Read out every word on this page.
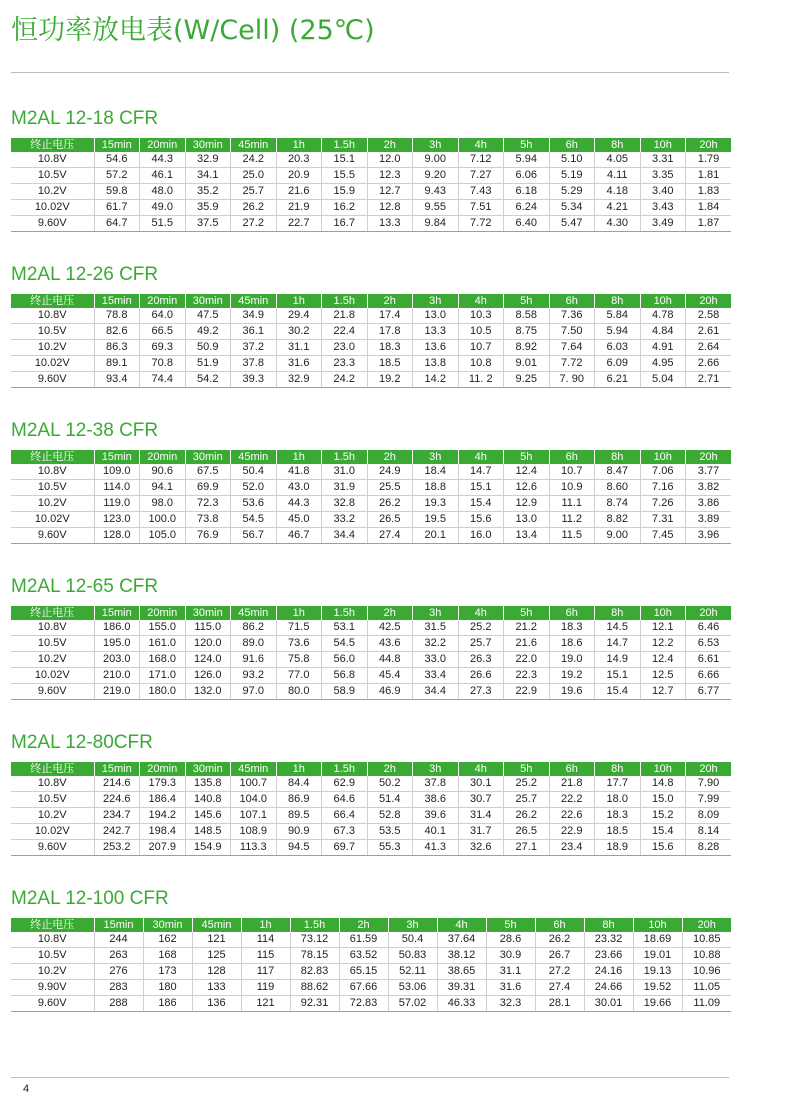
恒功率放电表(W/Cell) (25℃)
M2AL 12-18 CFR
终止电压	15min	20min	30min	45min	1h	1.5h	2h	3h	4h	5h	6h	8h	10h	20h
10.8V	54.6	44.3	32.9	24.2	20.3	15.1	12.0	9.00	7.12	5.94	5.10	4.05	3.31	1.79
10.5V	57.2	46.1	34.1	25.0	20.9	15.5	12.3	9.20	7.27	6.06	5.19	4.11	3.35	1.81
10.2V	59.8	48.0	35.2	25.7	21.6	15.9	12.7	9.43	7.43	6.18	5.29	4.18	3.40	1.83
10.02V	61.7	49.0	35.9	26.2	21.9	16.2	12.8	9.55	7.51	6.24	5.34	4.21	3.43	1.84
9.60V	64.7	51.5	37.5	27.2	22.7	16.7	13.3	9.84	7.72	6.40	5.47	4.30	3.49	1.87
M2AL 12-26 CFR
终止电压	15min	20min	30min	45min	1h	1.5h	2h	3h	4h	5h	6h	8h	10h	20h
10.8V	78.8	64.0	47.5	34.9	29.4	21.8	17.4	13.0	10.3	8.58	7.36	5.84	4.78	2.58
10.5V	82.6	66.5	49.2	36.1	30.2	22.4	17.8	13.3	10.5	8.75	7.50	5.94	4.84	2.61
10.2V	86.3	69.3	50.9	37.2	31.1	23.0	18.3	13.6	10.7	8.92	7.64	6.03	4.91	2.64
10.02V	89.1	70.8	51.9	37.8	31.6	23.3	18.5	13.8	10.8	9.01	7.72	6.09	4.95	2.66
9.60V	93.4	74.4	54.2	39.3	32.9	24.2	19.2	14.2	11. 2	9.25	7. 90	6.21	5.04	2.71
M2AL 12-38 CFR
终止电压	15min	20min	30min	45min	1h	1.5h	2h	3h	4h	5h	6h	8h	10h	20h
10.8V	109.0	90.6	67.5	50.4	41.8	31.0	24.9	18.4	14.7	12.4	10.7	8.47	7.06	3.77
10.5V	114.0	94.1	69.9	52.0	43.0	31.9	25.5	18.8	15.1	12.6	10.9	8.60	7.16	3.82
10.2V	119.0	98.0	72.3	53.6	44.3	32.8	26.2	19.3	15.4	12.9	11.1	8.74	7.26	3.86
10.02V	123.0	100.0	73.8	54.5	45.0	33.2	26.5	19.5	15.6	13.0	11.2	8.82	7.31	3.89
9.60V	128.0	105.0	76.9	56.7	46.7	34.4	27.4	20.1	16.0	13.4	11.5	9.00	7.45	3.96
M2AL 12-65 CFR
终止电压	15min	20min	30min	45min	1h	1.5h	2h	3h	4h	5h	6h	8h	10h	20h
10.8V	186.0	155.0	115.0	86.2	71.5	53.1	42.5	31.5	25.2	21.2	18.3	14.5	12.1	6.46
10.5V	195.0	161.0	120.0	89.0	73.6	54.5	43.6	32.2	25.7	21.6	18.6	14.7	12.2	6.53
10.2V	203.0	168.0	124.0	91.6	75.8	56.0	44.8	33.0	26.3	22.0	19.0	14.9	12.4	6.61
10.02V	210.0	171.0	126.0	93.2	77.0	56.8	45.4	33.4	26.6	22.3	19.2	15.1	12.5	6.66
9.60V	219.0	180.0	132.0	97.0	80.0	58.9	46.9	34.4	27.3	22.9	19.6	15.4	12.7	6.77
M2AL 12-80CFR
终止电压	15min	20min	30min	45min	1h	1.5h	2h	3h	4h	5h	6h	8h	10h	20h
10.8V	214.6	179.3	135.8	100.7	84.4	62.9	50.2	37.8	30.1	25.2	21.8	17.7	14.8	7.90
10.5V	224.6	186.4	140.8	104.0	86.9	64.6	51.4	38.6	30.7	25.7	22.2	18.0	15.0	7.99
10.2V	234.7	194.2	145.6	107.1	89.5	66.4	52.8	39.6	31.4	26.2	22.6	18.3	15.2	8.09
10.02V	242.7	198.4	148.5	108.9	90.9	67.3	53.5	40.1	31.7	26.5	22.9	18.5	15.4	8.14
9.60V	253.2	207.9	154.9	113.3	94.5	69.7	55.3	41.3	32.6	27.1	23.4	18.9	15.6	8.28
M2AL 12-100 CFR
终止电压	15min	30min	45min	1h	1.5h	2h	3h	4h	5h	6h	8h	10h	20h
10.8V	244	162	121	114	73.12	61.59	50.4	37.64	28.6	26.2	23.32	18.69	10.85
10.5V	263	168	125	115	78.15	63.52	50.83	38.12	30.9	26.7	23.66	19.01	10.88
10.2V	276	173	128	117	82.83	65.15	52.11	38.65	31.1	27.2	24.16	19.13	10.96
9.90V	283	180	133	119	88.62	67.66	53.06	39.31	31.6	27.4	24.66	19.52	11.05
9.60V	288	186	136	121	92.31	72.83	57.02	46.33	32.3	28.1	30.01	19.66	11.09
4
